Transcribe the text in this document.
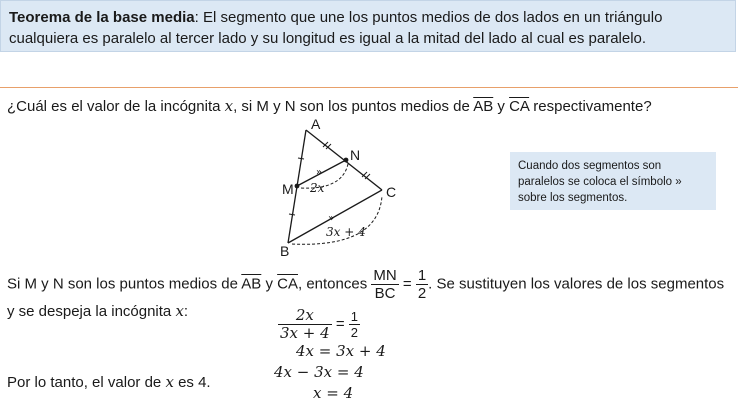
Teorema de la base media: El segmento que une los puntos medios de dos lados en un triángulo cualquiera es paralelo al tercer lado y su longitud es igual a la mitad del lado al cual es paralelo.
¿Cuál es el valor de la incógnita x, si M y N son los puntos medios de $\overline{AB}$ y $\overline{CA}$ respectivamente?
»
»
A
N
M	C
B
2x
3x + 4
Cuando dos segmentos son paralelos se coloca el símbolo » sobre los segmentos.
Si M y N son los puntos medios de $\overline{AB}$ y $\overline{CA}$, entonces $\frac{MN}{BC} = \frac{1}{2}$ . Se sustituyen los valores de los segmentos y se despeja la incógnita x:	$\frac{2x}{3x + 4} = \frac{1}{2}$
4x = 3x + 4
4x − 3x = 4
x = 4
Por lo tanto, el valor de x es 4.
